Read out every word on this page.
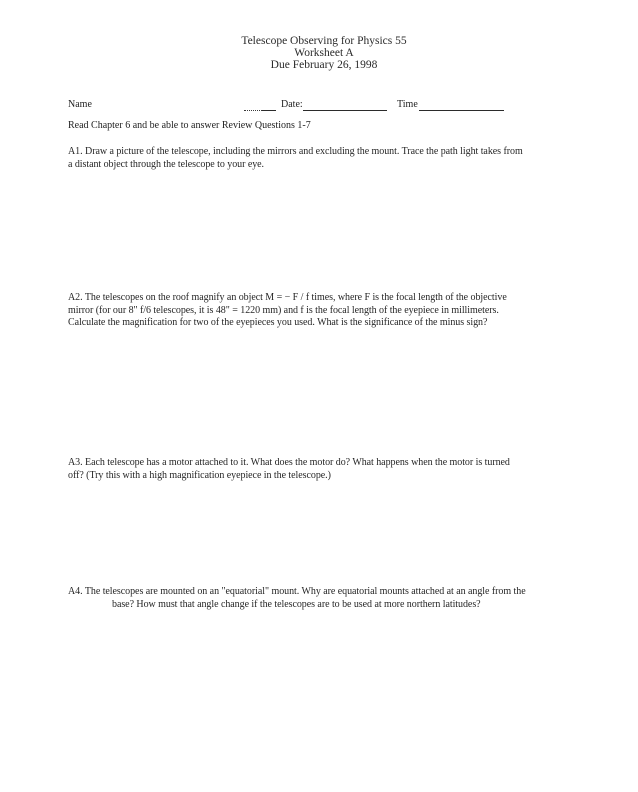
Telescope Observing for Physics 55
Worksheet A
Due February 26, 1998
Name	Date:	Time
Read Chapter 6 and be able to answer Review Questions 1-7
A1. Draw a picture of the telescope, including the mirrors and excluding the mount. Trace the path light takes from
a distant object through the telescope to your eye.
A2. The telescopes on the roof magnify an object M = − F / f times, where F is the focal length of the objective
mirror (for our 8" f/6 telescopes, it is 48" = 1220 mm) and f is the focal length of the eyepiece in millimeters.
Calculate the magnification for two of the eyepieces you used. What is the significance of the minus sign?
A3. Each telescope has a motor attached to it. What does the motor do? What happens when the motor is turned
off? (Try this with a high magnification eyepiece in the telescope.)
A4. The telescopes are mounted on an "equatorial" mount. Why are equatorial mounts attached at an angle from the
base? How must that angle change if the telescopes are to be used at more northern latitudes?
